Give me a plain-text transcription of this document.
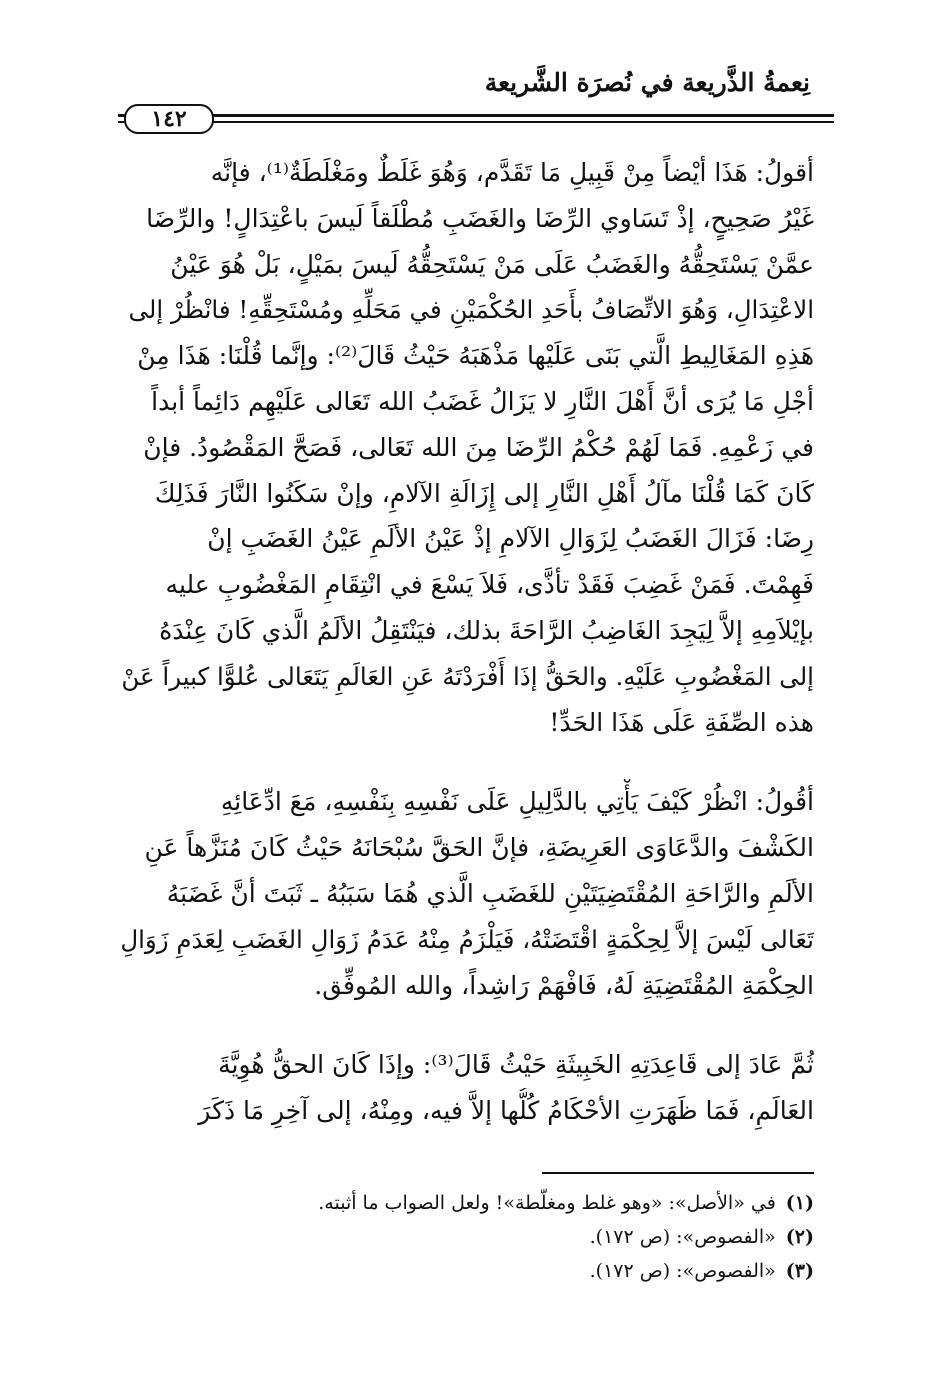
نِعمةُ الذَّريعة في نُصرَة الشَّريعة
١٤٢
أقولُ: هَذَا أيْضاً مِنْ قَبِيلِ مَا تَقَدَّم، وَهُوَ غَلَطٌ ومَغْلَطَةٌ⁽¹⁾، فإنَّه
غَيْرُ صَحِيحٍ، إذْ تَسَاوي الرِّضَا والغَضَبِ مُطْلَقاً لَيسَ باعْتِدَالٍ! والرِّضَا
عمَّنْ يَسْتَحِقُّهُ والغَضَبُ عَلَى مَنْ يَسْتَحِقُّهُ لَيسَ بمَيْلٍ، بَلْ هُوَ عَيْنُ
الاعْتِدَالِ، وَهُوَ الاتِّصَافُ بأَحَدِ الحُكْمَيْنِ في مَحَلِّهِ ومُسْتَحِقِّهِ! فانْظُرْ إلى
هَذِهِ المَغَالِيطِ الَّتي بَنَى عَلَيْها مَذْهَبَهُ حَيْثُ قَالَ⁽²⁾: وإنَّما قُلْنَا: هَذَا مِنْ
أجْلِ مَا يُرَى أنَّ أَهْلَ النَّارِ لا يَزَالُ غَضَبُ الله تَعَالى عَلَيْهِم دَائِماً أبداً
في زَعْمِهِ. فَمَا لَهُمْ حُكْمُ الرِّضَا مِنَ الله تَعَالى، فَصَحَّ المَقْصُودُ. فإنْ
كَانَ كَمَا قُلْنَا مآلُ أَهْلِ النَّارِ إلى إِزَالَةِ الآلامِ، وإنْ سَكَنُوا النَّارَ فَذَلِكَ
رِضَا: فَزَالَ الغَضَبُ لِزَوَالِ الآلامِ إذْ عَيْنُ الألَمِ عَيْنُ الغَضَبِ إنْ
فَهِمْتَ. فَمَنْ غَضِبَ فَقَدْ تأذَّى، فَلاَ يَسْعَ في انْتِقَامِ المَغْضُوبِ عليه
بإيْلاَمِهِ إلاَّ لِيَجِدَ الغَاضِبُ الرَّاحَةَ بذلك، فيَنْتَقِلُ الألَمُ الَّذي كَانَ عِنْدَهُ
إلى المَغْضُوبِ عَلَيْهِ. والحَقُّ إذَا أَفْرَدْتَهُ عَنِ العَالَمِ يَتَعَالى عُلوًّا كبيراً عَنْ
هذه الصِّفَةِ عَلَى هَذَا الحَدِّ!
أقُولُ: انْظُرْ كَيْفَ يَأْتِي بالدَّلِيلِ عَلَى نَفْسِهِ بِنَفْسِهِ، مَعَ ادِّعَائِهِ
الكَشْفَ والدَّعَاوَى العَرِيضَةِ، فإنَّ الحَقَّ سُبْحَانَهُ حَيْثُ كَانَ مُنَزَّهاً عَنِ
الألَمِ والرَّاحَةِ المُقْتَضِيَتَيْنِ للغَضَبِ الَّذي هُمَا سَبَبُهُ ـ ثَبَتَ أنَّ غَضَبَهُ
تَعَالى لَيْسَ إلاَّ لِحِكْمَةٍ اقْتَضَتْهُ، فَيَلْزَمُ مِنْهُ عَدَمُ زَوَالِ الغَضَبِ لِعَدَمِ زَوَالِ
الحِكْمَةِ المُقْتَضِيَةِ لَهُ، فَافْهَمْ رَاشِداً، والله المُوفِّق.
ثُمَّ عَادَ إلى قَاعِدَتِهِ الخَبِيثَةِ حَيْثُ قَالَ⁽³⁾: وإذَا كَانَ الحقُّ هُوِيَّةَ
العَالَمِ، فَمَا ظَهَرَتِ الأحْكَامُ كُلُّها إلاَّ فيه، ومِنْهُ، إلى آخِرِ مَا ذَكَرَ
(١)في «الأصل»: «وهو غلط ومغلّطة»! ولعل الصواب ما أثبته.
(٢)«الفصوص»: (ص ١٧٢).
(٣)«الفصوص»: (ص ١٧٢).
